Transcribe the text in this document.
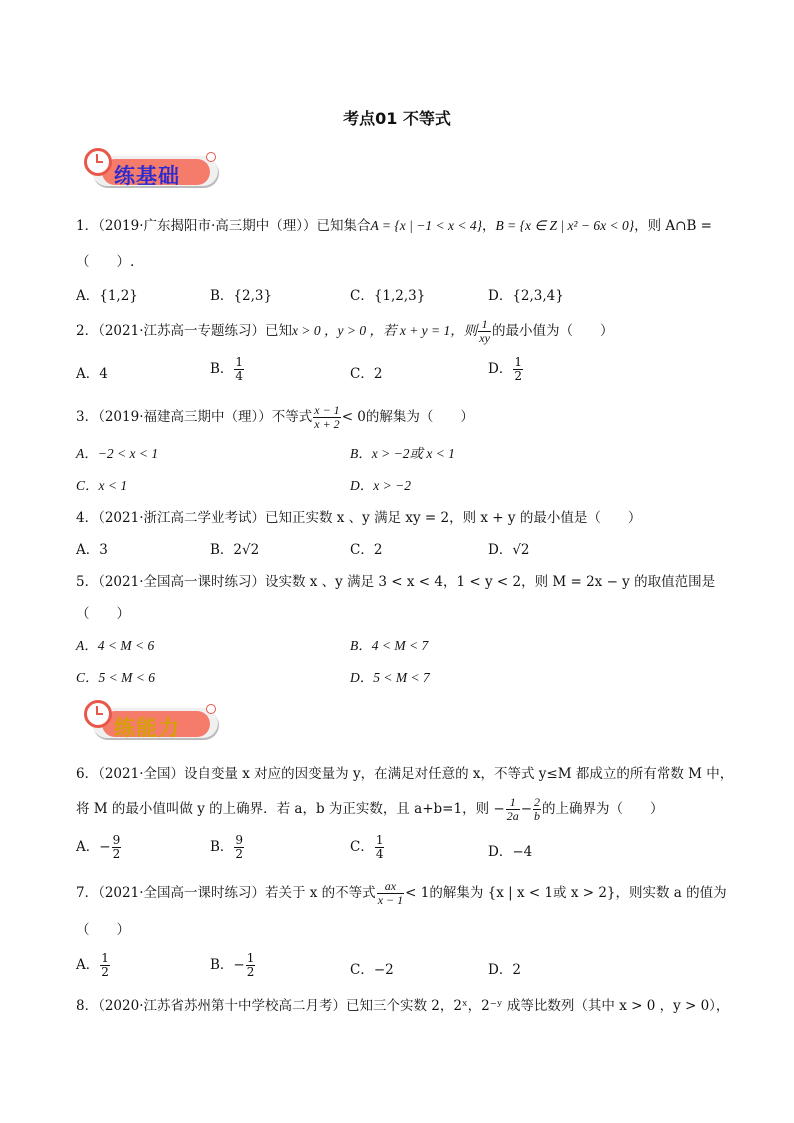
考点01 不等式
练基础
1．（2019·广东揭阳市·高三期中（理））已知集合A = {x | −1 < x < 4}，B = {x ∈ Z | x² − 6x < 0}，则 A∩B =
（　　）.
A．{1,2}	B．{2,3}	C．{1,2,3}	D．{2,3,4}
2．（2021·江苏高一专题练习）已知x > 0 ，y > 0 ，若 x + y = 1，则 $\frac{1}{xy}$ 的最小值为（　　）
A．4	B． $\frac{1}{4}$	C．2	D． $\frac{1}{2}$
3．（2019·福建高三期中（理））不等式 $\frac{x - 1}{x + 2} < 0$的解集为（　　）
A．−2 < x < 1	B．x > −2或 x < 1
C．x < 1	D．x > −2
4．（2021·浙江高二学业考试）已知正实数 x 、y 满足 xy = 2，则 x + y 的最小值是（　　）
A．3	B．2√2	C．2	D．√2
5．（2021·全国高一课时练习）设实数 x 、y 满足 3 < x < 4，1 < y < 2，则 M = 2x − y 的取值范围是
（　　）
A．4 < M < 6	B．4 < M < 7
C．5 < M < 6	D．5 < M < 7
练能力
6．（2021·全国）设自变量 x 对应的因变量为 y，在满足对任意的 x，不等式 y≤M 都成立的所有常数 M 中，
将 M 的最小值叫做 y 的上确界．若 a，b 为正实数，且 a+b=1，则 − $\frac{1}{2a} - \frac{2}{b}$ 的上确界为（　　）
A．− $\frac{9}{2}$	B． $\frac{9}{2}$	C． $\frac{1}{4}$	D．−4
7．（2021·全国高一课时练习）若关于 x 的不等式 $\frac{ax}{x - 1} < 1$的解集为 {x | x < 1或 x > 2}，则实数 a 的值为
（　　）
A． $\frac{1}{2}$	B．− $\frac{1}{2}$	C．−2	D．2
8．（2020·江苏省苏州第十中学校高二月考）已知三个实数 2，2ˣ，2⁻ʸ 成等比数列（其中 x > 0 ，y > 0），
